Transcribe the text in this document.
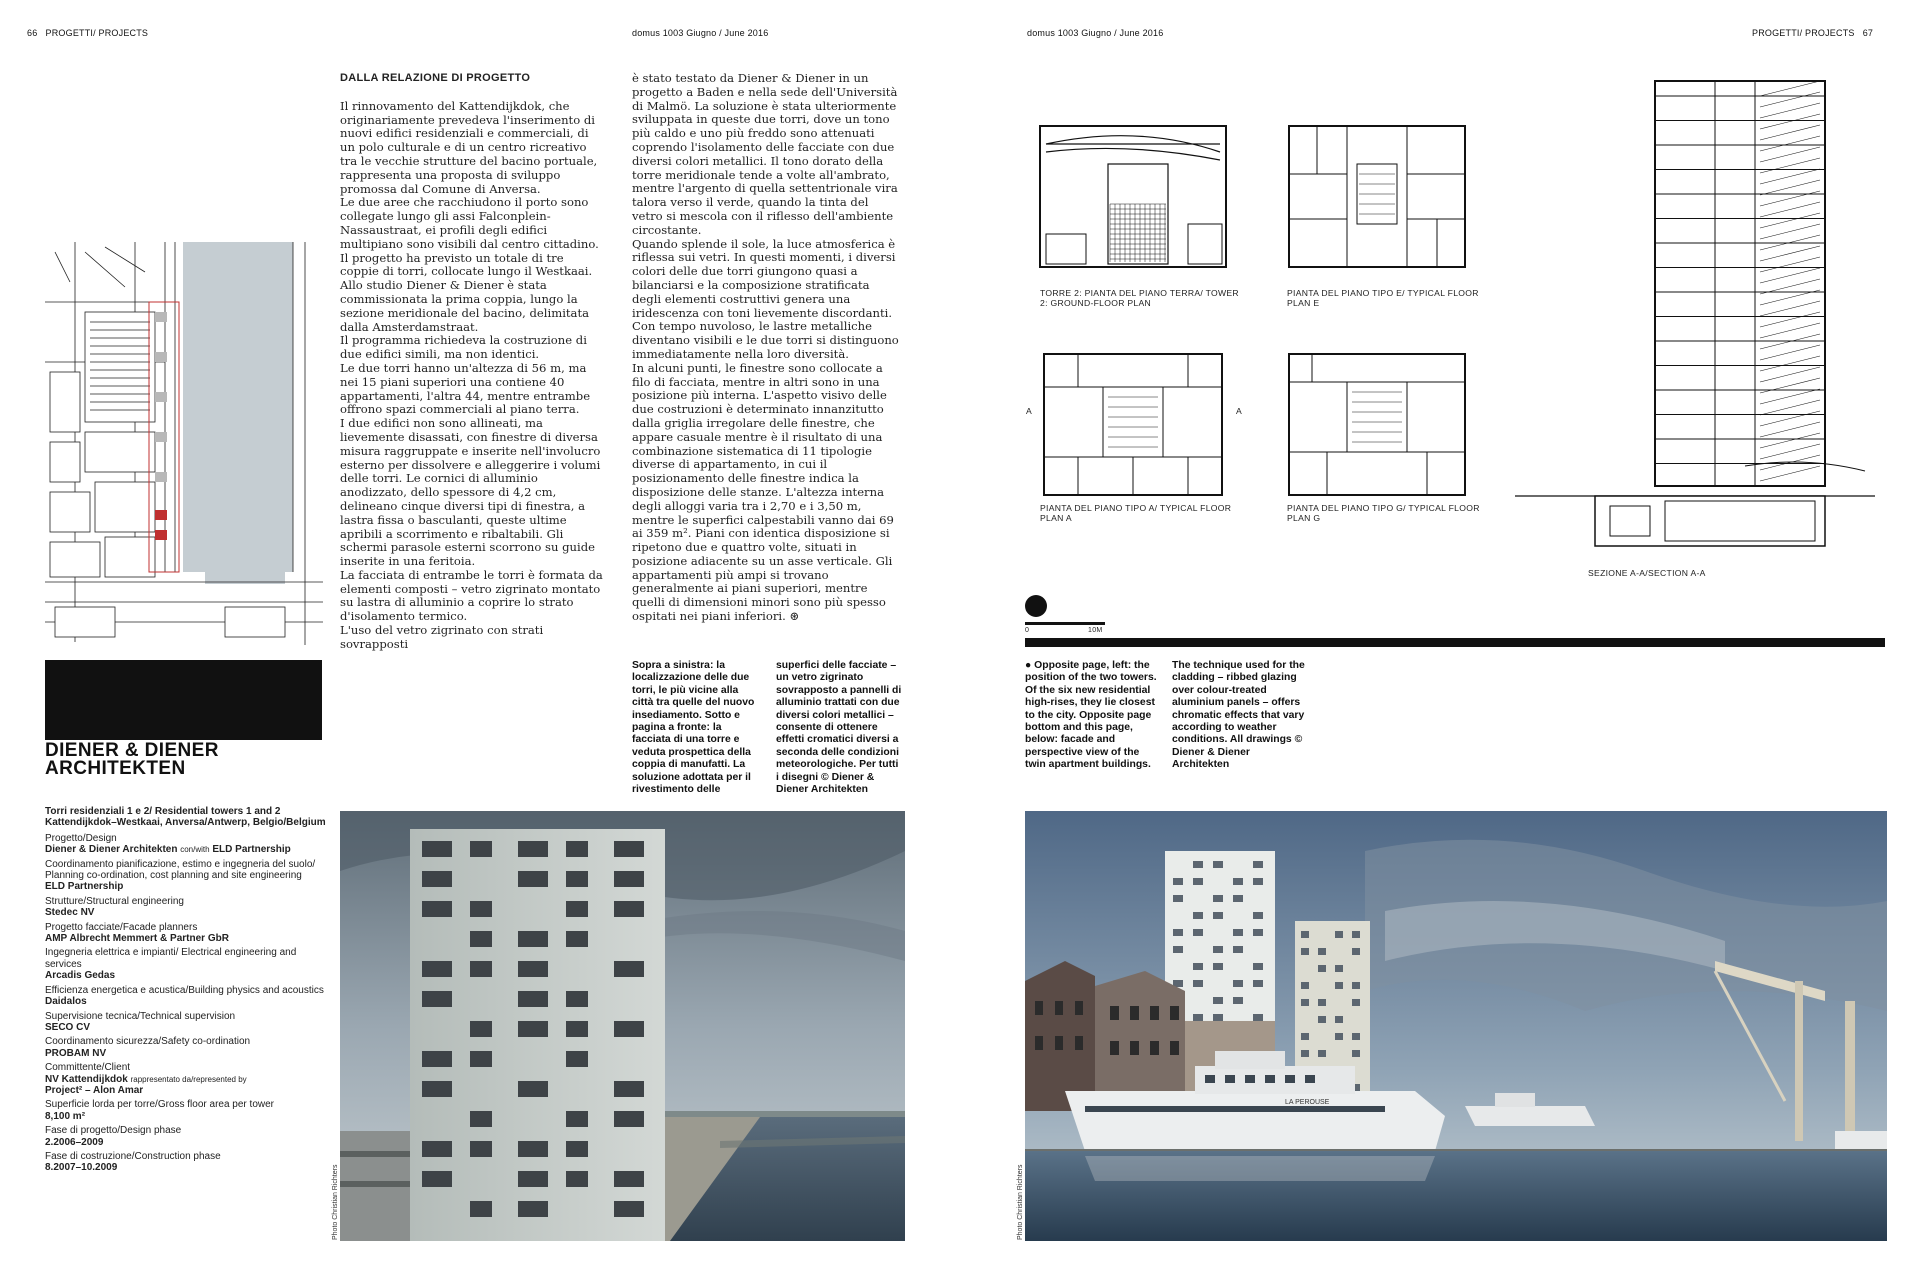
66 PROGETTI/ PROJECTS	domus 1003 Giugno / June 2016	domus 1003 Giugno / June 2016	PROGETTI/ PROJECTS 67
DIENER & DIENER
ARCHITEKTEN
Torri residenziali 1 e 2/ Residential towers 1 and 2
Kattendijkdok–Westkaai, Anversa/Antwerp, Belgio/Belgium
Progetto/Design
Diener & Diener Architekten con/with ELD Partnership
Coordinamento pianificazione, estimo e ingegneria del suolo/ Planning co-ordination, cost planning and site engineering
ELD Partnership
Strutture/Structural engineering
Stedec NV
Progetto facciate/Facade planners
AMP Albrecht Memmert & Partner GbR
Ingegneria elettrica e impianti/ Electrical engineering and services
Arcadis Gedas
Efficienza energetica e acustica/Building physics and acoustics
Daidalos
Supervisione tecnica/Technical supervision
SECO CV
Coordinamento sicurezza/Safety co-ordination
PROBAM NV
Committente/Client
NV Kattendijkdok rappresentato da/represented by
Project² – Alon Amar
Superficie lorda per torre/Gross floor area per tower
8,100 m²
Fase di progetto/Design phase
2.2006–2009
Fase di costruzione/Construction phase
8.2007–10.2009

DALLA RELAZIONE DI PROGETTO

Il rinnovamento del Kattendijkdok, che originariamente prevedeva l'inserimento di nuovi edifici residenziali e commerciali, di un polo culturale e di un centro ricreativo tra le vecchie strutture del bacino portuale, rappresenta una proposta di sviluppo promossa dal Comune di Anversa.

Le due aree che racchiudono il porto sono collegate lungo gli assi Falconplein-Nassaustraat, ei profili degli edifici multipiano sono visibili dal centro cittadino.

Il progetto ha previsto un totale di tre coppie di torri, collocate lungo il Westkaai. Allo studio Diener & Diener è stata commissionata la prima coppia, lungo la sezione meridionale del bacino, delimitata dalla Amsterdamstraat.

Il programma richiedeva la costruzione di due edifici simili, ma non identici.

Le due torri hanno un'altezza di 56 m, ma nei 15 piani superiori una contiene 40 appartamenti, l'altra 44, mentre entrambe offrono spazi commerciali al piano terra.

I due edifici non sono allineati, ma lievemente disassati, con finestre di diversa misura raggruppate e inserite nell'involucro esterno per dissolvere e alleggerire i volumi delle torri. Le cornici di alluminio anodizzato, dello spessore di 4,2 cm, delineano cinque diversi tipi di finestra, a lastra fissa o basculanti, queste ultime apribili a scorrimento e ribaltabili. Gli schermi parasole esterni scorrono su guide inserite in una feritoia.

La facciata di entrambe le torri è formata da elementi composti – vetro zigrinato montato su lastra di alluminio a coprire lo strato d'isolamento termico.

L'uso del vetro zigrinato con strati sovrapposti

è stato testato da Diener & Diener in un progetto a Baden e nella sede dell'Università di Malmö. La soluzione è stata ulteriormente sviluppata in queste due torri, dove un tono più caldo e uno più freddo sono attenuati coprendo l'isolamento delle facciate con due diversi colori metallici. Il tono dorato della torre meridionale tende a volte all'ambrato, mentre l'argento di quella settentrionale vira talora verso il verde, quando la tinta del vetro si mescola con il riflesso dell'ambiente circostante.

Quando splende il sole, la luce atmosferica è riflessa sui vetri. In questi momenti, i diversi colori delle due torri giungono quasi a bilanciarsi e la composizione stratificata degli elementi costruttivi genera una iridescenza con toni lievemente discordanti. Con tempo nuvoloso, le lastre metalliche diventano visibili e le due torri si distinguono immediatamente nella loro diversità.

In alcuni punti, le finestre sono collocate a filo di facciata, mentre in altri sono in una posizione più interna. L'aspetto visivo delle due costruzioni è determinato innanzitutto dalla griglia irregolare delle finestre, che appare casuale mentre è il risultato di una combinazione sistematica di 11 tipologie diverse di appartamento, in cui il posizionamento delle finestre indica la disposizione delle stanze. L'altezza interna degli alloggi varia tra i 2,70 e i 3,50 m, mentre le superfici calpestabili vanno dai 69 ai 359 m². Piani con identica disposizione si ripetono due e quattro volte, situati in posizione adiacente su un asse verticale. Gli appartamenti più ampi si trovano generalmente ai piani superiori, mentre quelli di dimensioni minori sono più spesso ospitati nei piani inferiori. ⊛

Sopra a sinistra: la localizzazione delle due torri, le più vicine alla città tra quelle del nuovo insediamento. Sotto e pagina a fronte: la facciata di una torre e veduta prospettica della coppia di manufatti. La soluzione adottata per il rivestimento delle
superfici delle facciate – un vetro zigrinato sovrapposto a pannelli di alluminio trattati con due diversi colori metallici – consente di ottenere effetti cromatici diversi a seconda delle condizioni meteorologiche. Per tutti i disegni © Diener & Diener Architekten
Photo Christian Richters
TORRE 2: PIANTA DEL PIANO TERRA/ TOWER 2: GROUND-FLOOR PLAN
PIANTA DEL PIANO TIPO E/ TYPICAL FLOOR PLAN E
A	A
PIANTA DEL PIANO TIPO A/ TYPICAL FLOOR PLAN A
PIANTA DEL PIANO TIPO G/ TYPICAL FLOOR PLAN G
SEZIONE A-A/SECTION A-A
0	10M
● Opposite page, left: the position of the two towers. Of the six new residential high-rises, they lie closest to the city. Opposite page bottom and this page, below: facade and perspective view of the twin apartment buildings.
The technique used for the cladding – ribbed glazing over colour-treated aluminium panels – offers chromatic effects that vary according to weather conditions. All drawings © Diener & Diener Architekten
LA PEROUSE
Photo Christian Richters
